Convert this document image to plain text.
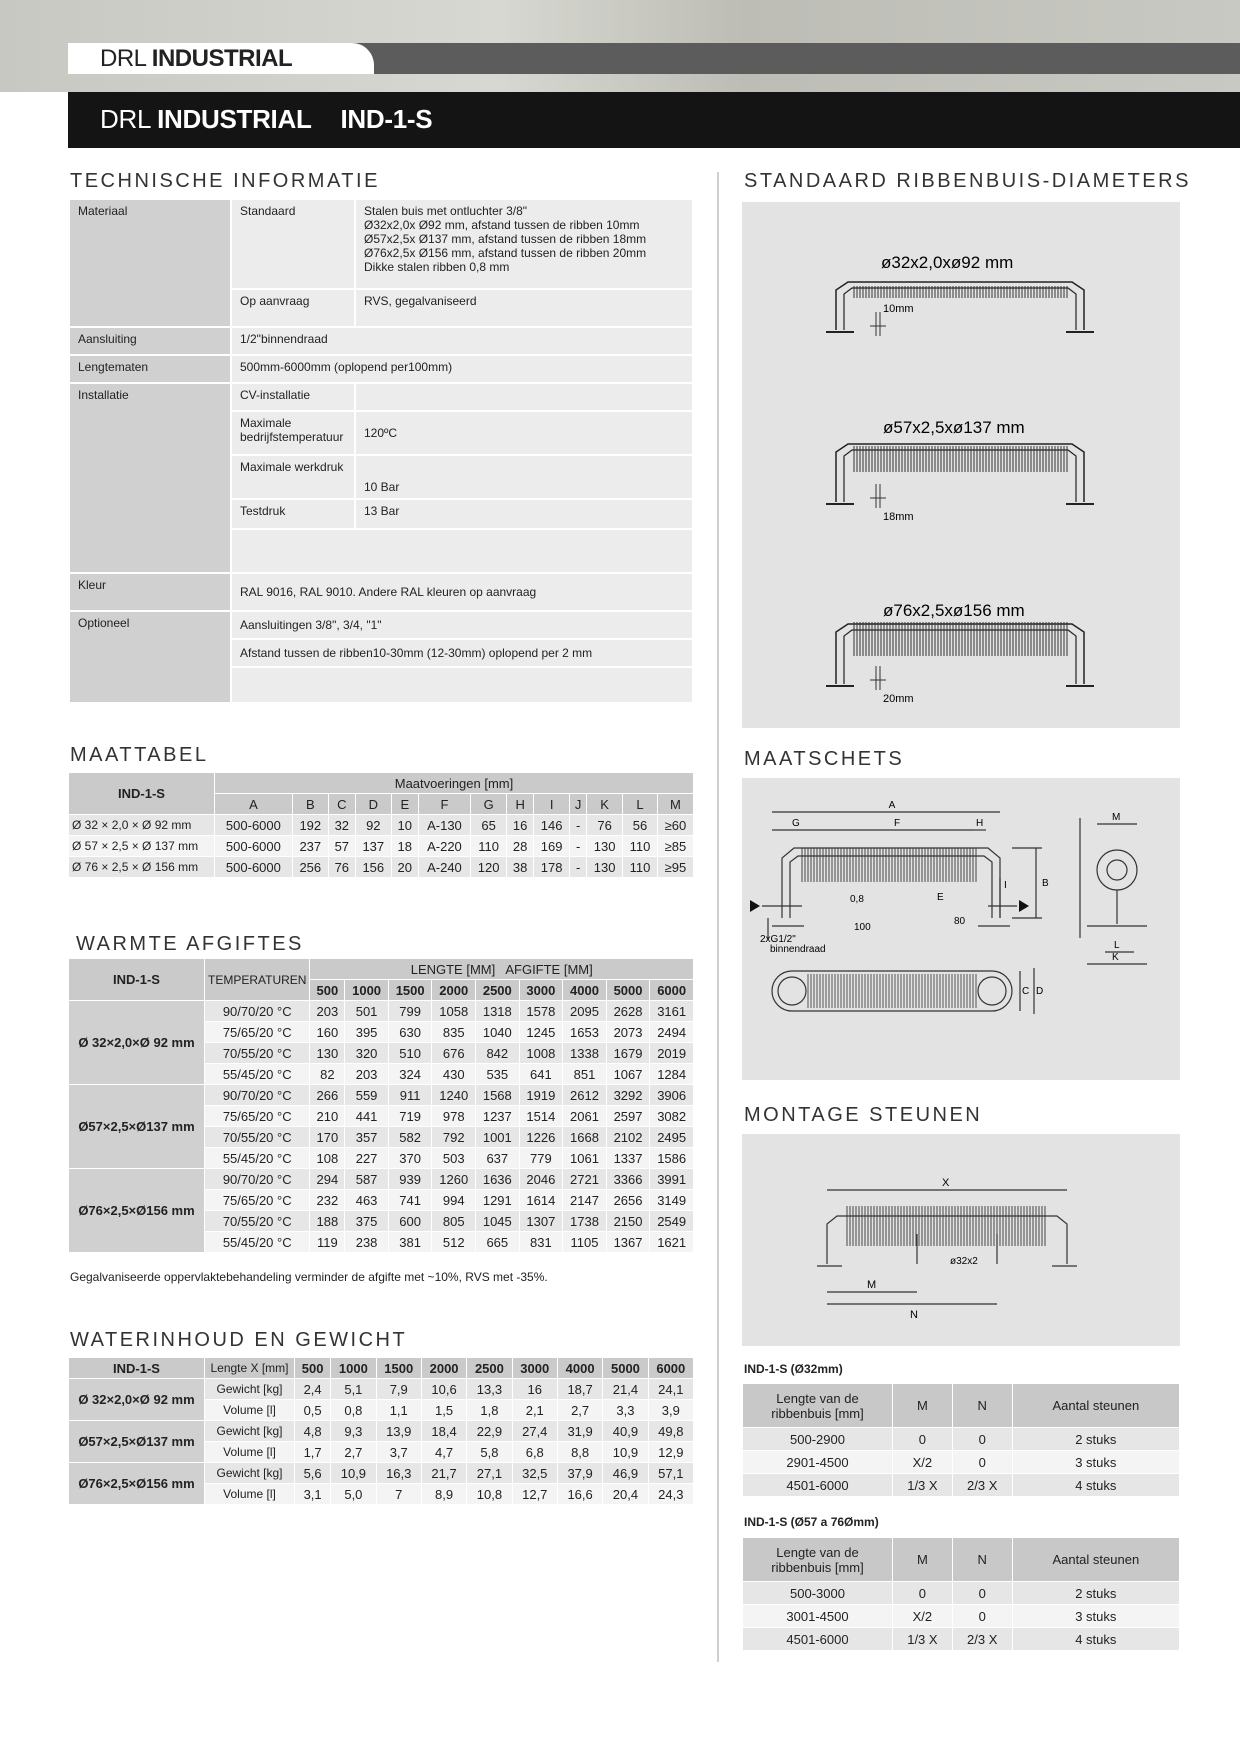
DRL INDUSTRIAL
DRL INDUSTRIAL IND-1-S
TECHNISCHE INFORMATIE
Materiaal	Standaard	Stalen buis met ontluchter 3/8"
Ø32x2,0x Ø92 mm, afstand tussen de ribben 10mm
Ø57x2,5x Ø137 mm, afstand tussen de ribben 18mm
Ø76x2,5x Ø156 mm, afstand tussen de ribben 20mm
Dikke stalen ribben 0,8 mm

	Op aanvraag	RVS, gegalvaniseerd
Aansluiting	1/2"binnendraad	
Lengtematen	500mm-6000mm (oplopend per100mm)	
Installatie	CV-installatie	
	Maximale bedrijfstemperatuur	120ºC
	Maximale werkdruk	10 Bar
	Testdruk	13 Bar

Kleur	RAL 9016, RAL 9010. Andere RAL kleuren op aanvraag	
Optioneel	Aansluitingen 3/8", 3/4, "1"	
	Afstand tussen de ribben10-30mm (12-30mm) oplopend per 2 mm	

MAATTABEL
IND-1-S	Maatvoeringen [mm]												
	A	B	C	D	E	F	G	H	I	J	K	L	M
Ø 32 × 2,0 × Ø 92 mm	500-6000	192	32	92	10	A-130	65	16	146	-	76	56	≥60
Ø 57 × 2,5 × Ø 137 mm	500-6000	237	57	137	18	A-220	110	28	169	-	130	110	≥85
Ø 76 × 2,5 × Ø 156 mm	500-6000	256	76	156	20	A-240	120	38	178	-	130	110	≥95
WARMTE AFGIFTES
IND-1-S	TEMPERATUREN	LENGTE [MM]   AFGIFTE [MM]								
		500	1000	1500	2000	2500	3000	4000	5000	6000
Ø 32×2,0×Ø 92 mm	90/70/20 °C	203	501	799	1058	1318	1578	2095	2628	3161
	75/65/20 °C	160	395	630	835	1040	1245	1653	2073	2494
	70/55/20 °C	130	320	510	676	842	1008	1338	1679	2019
	55/45/20 °C	82	203	324	430	535	641	851	1067	1284
Ø57×2,5×Ø137 mm	90/70/20 °C	266	559	911	1240	1568	1919	2612	3292	3906
	75/65/20 °C	210	441	719	978	1237	1514	2061	2597	3082
	70/55/20 °C	170	357	582	792	1001	1226	1668	2102	2495
	55/45/20 °C	108	227	370	503	637	779	1061	1337	1586
Ø76×2,5×Ø156 mm	90/70/20 °C	294	587	939	1260	1636	2046	2721	3366	3991
	75/65/20 °C	232	463	741	994	1291	1614	2147	2656	3149
	70/55/20 °C	188	375	600	805	1045	1307	1738	2150	2549
	55/45/20 °C	119	238	381	512	665	831	1105	1367	1621
Gegalvaniseerde oppervlaktebehandeling verminder de afgifte met ~10%, RVS met -35%.
WATERINHOUD EN GEWICHT
IND-1-S	Lengte X [mm]	500	1000	1500	2000	2500	3000	4000	5000	6000
Ø 32×2,0×Ø 92 mm	Gewicht [kg]	2,4	5,1	7,9	10,6	13,3	16	18,7	21,4	24,1
	Volume [l]	0,5	0,8	1,1	1,5	1,8	2,1	2,7	3,3	3,9
Ø57×2,5×Ø137 mm	Gewicht [kg]	4,8	9,3	13,9	18,4	22,9	27,4	31,9	40,9	49,8
	Volume [l]	1,7	2,7	3,7	4,7	5,8	6,8	8,8	10,9	12,9
Ø76×2,5×Ø156 mm	Gewicht [kg]	5,6	10,9	16,3	21,7	27,1	32,5	37,9	46,9	57,1
	Volume [l]	3,1	5,0	7	8,9	10,8	12,7	16,6	20,4	24,3
STANDAARD RIBBENBUIS-DIAMETERS
ø32x2,0xø92 mm
10mm
ø57x2,5xø137 mm
18mm
ø76x2,5xø156 mm
20mm
MAATSCHETS
A
G	F	H
I	B
E
0,8
80
100
M
L
K
C D
2xG1/2"
binnendraad
MONTAGE STEUNEN
X
M
N
ø32x2
IND-1-S (Ø32mm)
Lengte van de ribbenbuis [mm]	M	N	Aantal steunen
500-2900	0	0	2 stuks
2901-4500	X/2	0	3 stuks
4501-6000	1/3 X	2/3 X	4 stuks
IND-1-S (Ø57 a 76Ømm)
Lengte van de ribbenbuis [mm]	M	N	Aantal steunen
500-3000	0	0	2 stuks
3001-4500	X/2	0	3 stuks
4501-6000	1/3 X	2/3 X	4 stuks
